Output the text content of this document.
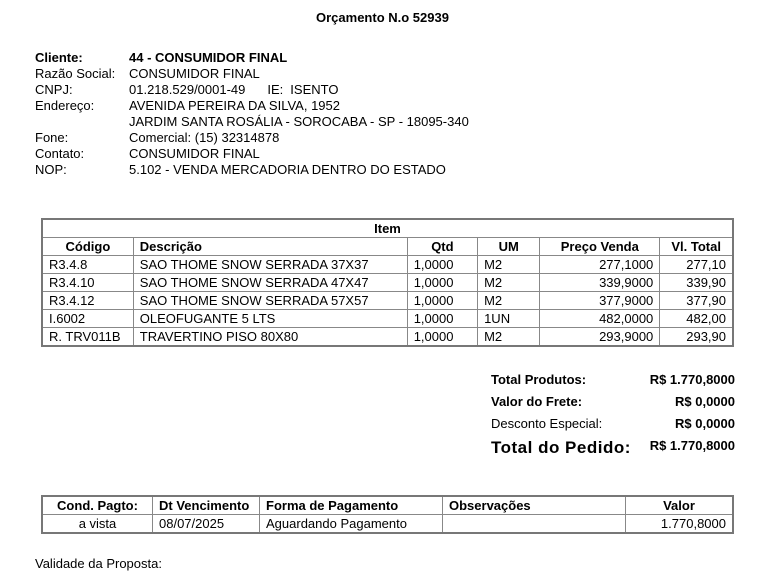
Orçamento N.o 52939
Cliente:	44 - CONSUMIDOR FINAL
Razão Social: CONSUMIDOR FINAL
CNPJ:	01.218.529/0001-49 IE: ISENTO
Endereço:	AVENIDA PEREIRA DA SILVA, 1952
JARDIM SANTA ROSÁLIA - SOROCABA - SP - 18095-340
Fone:	Comercial: (15) 32314878
Contato:	CONSUMIDOR FINAL
NOP:	5.102 - VENDA MERCADORIA DENTRO DO ESTADO
Item					
Código	Descrição	Qtd	UM	Preço Venda	Vl. Total
R3.4.8	SAO THOME SNOW SERRADA 37X37	1,0000	M2	277,1000	277,10
R3.4.10	SAO THOME SNOW SERRADA 47X47	1,0000	M2	339,9000	339,90
R3.4.12	SAO THOME SNOW SERRADA 57X57	1,0000	M2	377,9000	377,90
I.6002	OLEOFUGANTE 5 LTS	1,0000	1UN	482,0000	482,00
R. TRV011B	TRAVERTINO PISO 80X80	1,0000	M2	293,9000	293,90
Total Produtos:	R$ 1.770,8000
Valor do Frete:	R$ 0,0000
Desconto Especial:	R$ 0,0000
Total do Pedido: R$ 1.770,8000
Cond. Pagto:	Dt Vencimento	Forma de Pagamento	Observações	Valor
a vista	08/07/2025	Aguardando Pagamento		1.770,8000
Validade da Proposta:
